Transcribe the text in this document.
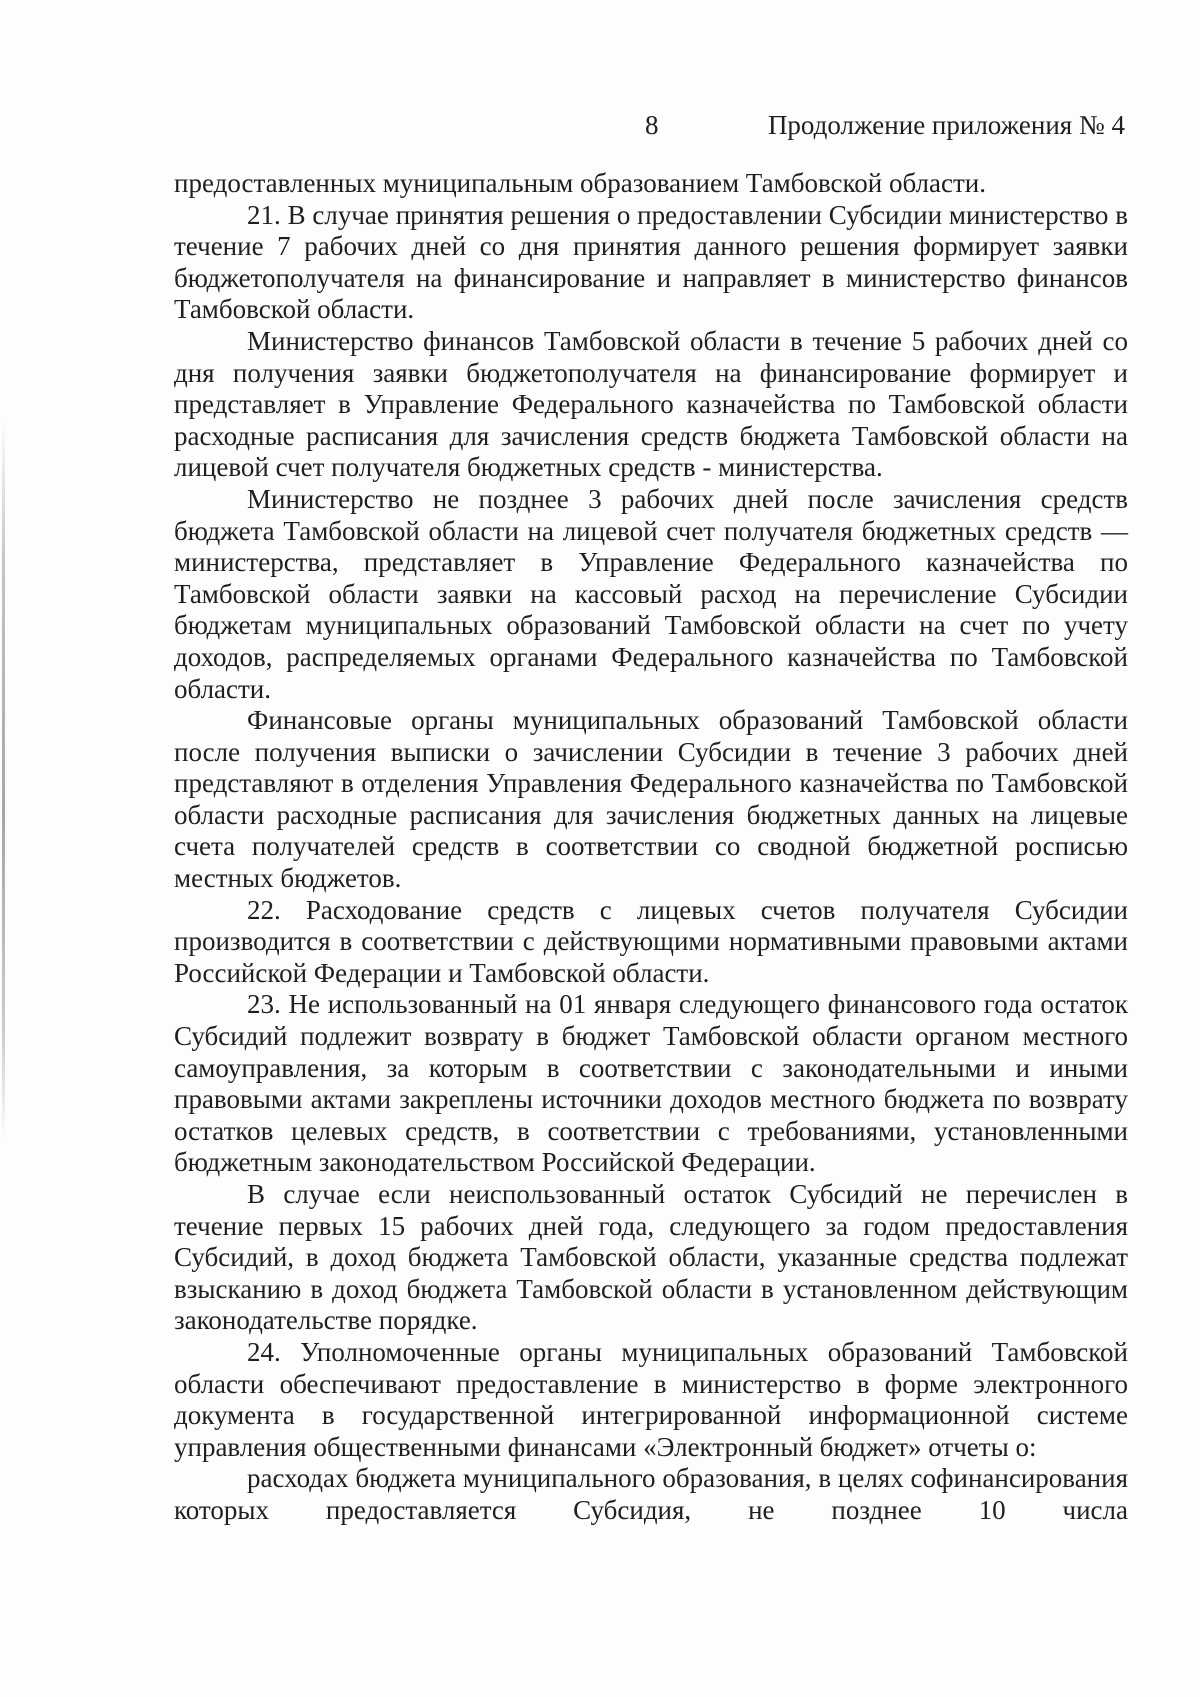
8	Продолжение приложения № 4

предоставленных муниципальным образованием Тамбовской области.

21. В случае принятия решения о предоставлении Субсидии министерство в течение 7 рабочих дней со дня принятия данного решения формирует заявки бюджетополучателя на финансирование и направляет в министерство финансов Тамбовской области.

Министерство финансов Тамбовской области в течение 5 рабочих дней со дня получения заявки бюджетополучателя на финансирование формирует и представляет в Управление Федерального казначейства по Тамбовской области расходные расписания для зачисления средств бюджета Тамбовской области на лицевой счет получателя бюджетных средств - министерства.

Министерство не позднее 3 рабочих дней после зачисления средств бюджета Тамбовской области на лицевой счет получателя бюджетных средств — министерства, представляет в Управление Федерального казначейства по Тамбовской области заявки на кассовый расход на перечисление Субсидии бюджетам муниципальных образований Тамбовской области на счет по учету доходов, распределяемых органами Федерального казначейства по Тамбовской области.

Финансовые органы муниципальных образований Тамбовской области после получения выписки о зачислении Субсидии в течение 3 рабочих дней представляют в отделения Управления Федерального казначейства по Тамбовской области расходные расписания для зачисления бюджетных данных на лицевые счета получателей средств в соответствии со сводной бюджетной росписью местных бюджетов.

22. Расходование средств с лицевых счетов получателя Субсидии производится в соответствии с действующими нормативными правовыми актами Российской Федерации и Тамбовской области.

23. Не использованный на 01 января следующего финансового года остаток Субсидий подлежит возврату в бюджет Тамбовской области органом местного самоуправления, за которым в соответствии с законодательными и иными правовыми актами закреплены источники доходов местного бюджета по возврату остатков целевых средств, в соответствии с требованиями, установленными бюджетным законодательством Российской Федерации.

В случае если неиспользованный остаток Субсидий не перечислен в течение первых 15 рабочих дней года, следующего за годом предоставления Субсидий, в доход бюджета Тамбовской области, указанные средства подлежат взысканию в доход бюджета Тамбовской области в установленном действующим законодательстве порядке.

24. Уполномоченные органы муниципальных образований Тамбовской области обеспечивают предоставление в министерство в форме электронного документа в государственной интегрированной информационной системе управления общественными финансами «Электронный бюджет» отчеты о:

расходах бюджета муниципального образования, в целях софинансирования которых предоставляется Субсидия, не позднее 10 числа
